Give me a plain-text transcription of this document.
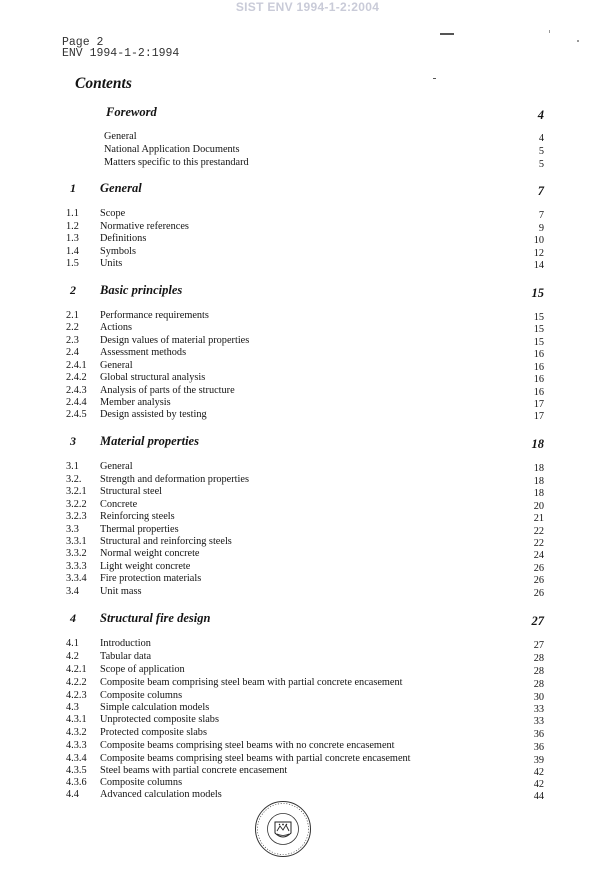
SIST ENV 1994-1-2:2004
Page 2
ENV 1994-1-2:1994
Contents
Foreword	4
General	4
National Application Documents	5
Matters specific to this prestandard	5
1 General	7
1.1 Scope	7
1.2 Normative references	9
1.3 Definitions	10
1.4 Symbols	12
1.5 Units	14
2 Basic principles	15
2.1 Performance requirements	15
2.2 Actions	15
2.3 Design values of material properties	15
2.4 Assessment methods	16
2.4.1 General	16
2.4.2 Global structural analysis	16
2.4.3 Analysis of parts of the structure	16
2.4.4 Member analysis	17
2.4.5 Design assisted by testing	17
3 Material properties	18
3.1 General	18
3.2. Strength and deformation properties	18
3.2.1 Structural steel	18
3.2.2 Concrete	20
3.2.3 Reinforcing steels	21
3.3 Thermal properties	22
3.3.1 Structural and reinforcing steels	22
3.3.2 Normal weight concrete	24
3.3.3 Light weight concrete	26
3.3.4 Fire protection materials	26
3.4 Unit mass	26
4 Structural fire design	27
4.1 Introduction	27
4.2 Tabular data	28
4.2.1 Scope of application	28
4.2.2 Composite beam comprising steel beam with partial concrete encasement	28
4.2.3 Composite columns	30
4.3 Simple calculation models	33
4.3.1 Unprotected composite slabs	33
4.3.2 Protected composite slabs	36
4.3.3 Composite beams comprising steel beams with no concrete encasement	36
4.3.4 Composite beams comprising steel beams with partial concrete encasement	39
4.3.5 Steel beams with partial concrete encasement	42
4.3.6 Composite columns	42
4.4 Advanced calculation models	44
